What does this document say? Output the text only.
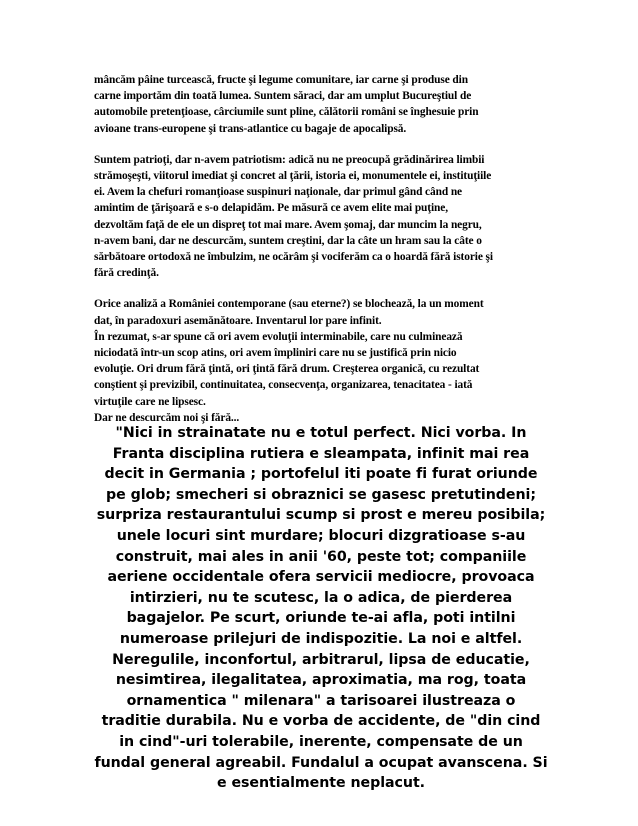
mâncăm pâine turcească, fructe şi legume comunitare, iar carne şi produse din
carne importăm din toată lumea. Suntem săraci, dar am umplut Bucureştiul de
automobile pretenţioase, cârciumile sunt pline, călătorii români se înghesuie prin
avioane trans-europene şi trans-atlantice cu bagaje de apocalipsă.

Suntem patrioţi, dar n-avem patriotism: adică nu ne preocupă grădinărirea limbii
strămoşeşti, viitorul imediat şi concret al ţării, istoria ei, monumentele ei, instituţiile
ei. Avem la chefuri romanţioase suspinuri naţionale, dar primul gând când ne
amintim de ţărişoară e s-o delapidăm. Pe măsură ce avem elite mai puţine,
dezvoltăm faţă de ele un dispreţ tot mai mare. Avem şomaj, dar muncim la negru,
n-avem bani, dar ne descurcăm, suntem creştini, dar la câte un hram sau la câte o
sărbătoare ortodoxă ne îmbulzim, ne ocărâm şi vociferăm ca o hoardă fără istorie şi
fără credinţă.

Orice analiză a României contemporane (sau eterne?) se blochează, la un moment
dat, în paradoxuri asemănătoare. Inventarul lor pare infinit.
În rezumat, s-ar spune că ori avem evoluţii interminabile, care nu culminează
niciodată într-un scop atins, ori avem împliniri care nu se justifică prin nicio
evoluţie. Ori drum fără ţintă, ori ţintă fără drum. Creşterea organică, cu rezultat
conştient şi previzibil, continuitatea, consecvenţa, organizarea, tenacitatea - iată
virtuţile care ne lipsesc.
Dar ne descurcăm noi şi fără...

"Nici in strainatate nu e totul perfect. Nici vorba. In
Franta disciplina rutiera e sleampata, infinit mai rea
decit in Germania ; portofelul iti poate fi furat oriunde
pe glob; smecheri si obraznici se gasesc pretutindeni;
surpriza restaurantului scump si prost e mereu posibila;
unele locuri sint murdare; blocuri dizgratioase s-au
construit, mai ales in anii '60, peste tot; companiile
aeriene occidentale ofera servicii mediocre, provoaca
intirzieri, nu te scutesc, la o adica, de pierderea
bagajelor. Pe scurt, oriunde te-ai afla, poti intilni
numeroase prilejuri de indispozitie. La noi e altfel.
Neregulile, inconfortul, arbitrarul, lipsa de educatie,
nesimtirea, ilegalitatea, aproximatia, ma rog, toata
ornamentica " milenara" a tarisoarei ilustreaza o
traditie durabila. Nu e vorba de accidente, de "din cind
in cind"-uri tolerabile, inerente, compensate de un
fundal general agreabil. Fundalul a ocupat avanscena. Si
e esentialmente neplacut.
